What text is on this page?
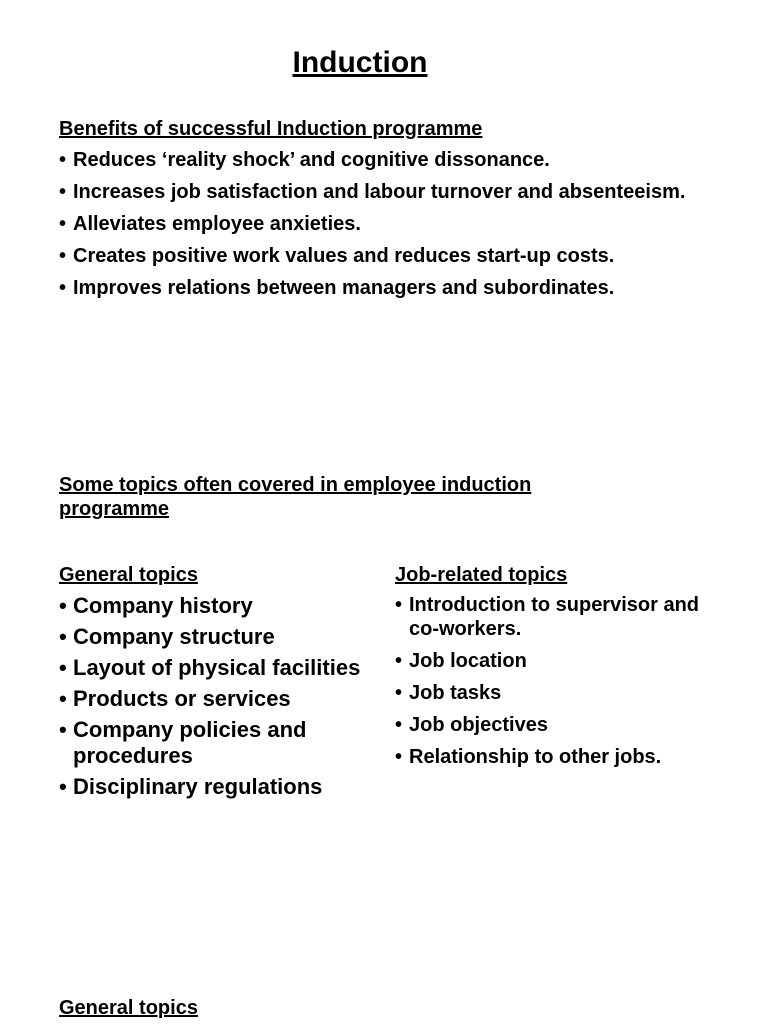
Induction
Benefits of successful Induction programme
• Reduces ‘reality shock’ and cognitive dissonance.
• Increases job satisfaction and labour turnover and absenteeism.
• Alleviates employee anxieties.
• Creates positive work values and reduces start-up costs.
• Improves relations between managers and subordinates.
Some topics often covered in employee induction programme
General topics	Job-related topics
• Company history
• Company structure
• Layout of physical facilities
• Products or services
• Company policies and procedures
• Disciplinary regulations
• Introduction to supervisor and co-workers.
• Job location
• Job tasks
• Job objectives
• Relationship to other jobs.
General topics
